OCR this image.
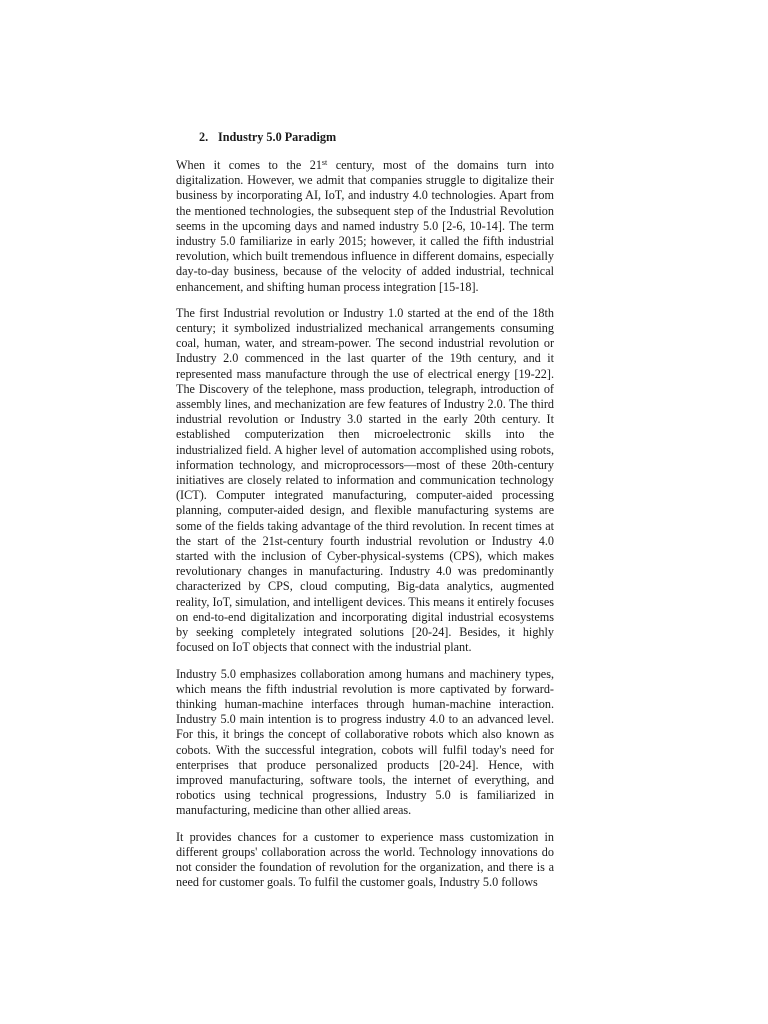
2. Industry 5.0 Paradigm

When it comes to the 21st century, most of the domains turn into digitalization. However, we admit that companies struggle to digitalize their business by incorporating AI, IoT, and industry 4.0 technologies. Apart from the mentioned technologies, the subsequent step of the Industrial Revolution seems in the upcoming days and named industry 5.0 [2-6, 10-14]. The term industry 5.0 familiarize in early 2015; however, it called the fifth industrial revolution, which built tremendous influence in different domains, especially day-to-day business, because of the velocity of added industrial, technical enhancement, and shifting human process integration [15-18].

The first Industrial revolution or Industry 1.0 started at the end of the 18th century; it symbolized industrialized mechanical arrangements consuming coal, human, water, and stream-power. The second industrial revolution or Industry 2.0 commenced in the last quarter of the 19th century, and it represented mass manufacture through the use of electrical energy [19-22]. The Discovery of the telephone, mass production, telegraph, introduction of assembly lines, and mechanization are few features of Industry 2.0. The third industrial revolution or Industry 3.0 started in the early 20th century. It established computerization then microelectronic skills into the industrialized field. A higher level of automation accomplished using robots, information technology, and microprocessors—most of these 20th-century initiatives are closely related to information and communication technology (ICT). Computer integrated manufacturing, computer-aided processing planning, computer-aided design, and flexible manufacturing systems are some of the fields taking advantage of the third revolution. In recent times at the start of the 21st-century fourth industrial revolution or Industry 4.0 started with the inclusion of Cyber-physical-systems (CPS), which makes revolutionary changes in manufacturing. Industry 4.0 was predominantly characterized by CPS, cloud computing, Big-data analytics, augmented reality, IoT, simulation, and intelligent devices. This means it entirely focuses on end-to-end digitalization and incorporating digital industrial ecosystems by seeking completely integrated solutions [20-24]. Besides, it highly focused on IoT objects that connect with the industrial plant.

Industry 5.0 emphasizes collaboration among humans and machinery types, which means the fifth industrial revolution is more captivated by forward-thinking human-machine interfaces through human-machine interaction. Industry 5.0 main intention is to progress industry 4.0 to an advanced level. For this, it brings the concept of collaborative robots which also known as cobots. With the successful integration, cobots will fulfil today's need for enterprises that produce personalized products [20-24]. Hence, with improved manufacturing, software tools, the internet of everything, and robotics using technical progressions, Industry 5.0 is familiarized in manufacturing, medicine than other allied areas.

It provides chances for a customer to experience mass customization in different groups' collaboration across the world. Technology innovations do not consider the foundation of revolution for the organization, and there is a need for customer goals. To fulfil the customer goals, Industry 5.0 follows
